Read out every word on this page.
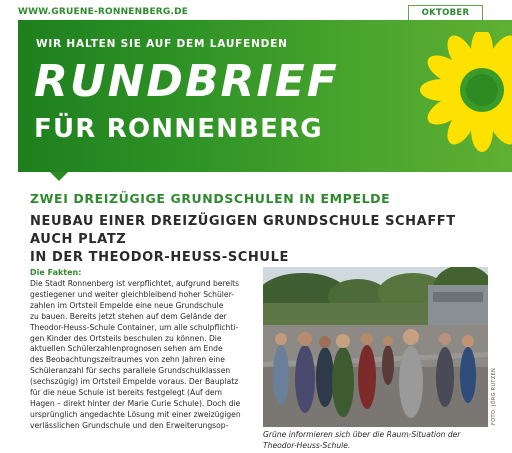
WWW.GRUENE-RONNENBERG.DE	OKTOBER
WIR HALTEN SIE AUF DEM LAUFENDEN
RUNDBRIEF
FÜR RONNENBERG
ZWEI DREIZÜGIGE GRUNDSCHULEN IN EMPELDE
NEUBAU EINER DREIZÜGIGEN GRUNDSCHULE SCHAFFT AUCH PLATZ
IN DER THEODOR-HEUSS-SCHULE
Die Fakten:

Die Stadt Ronnenberg ist verpflichtet, aufgrund bereits

gestiegener und weiter gleichbleibend hoher Schüler-

zahlen im Ortsteil Empelde eine neue Grundschule

zu bauen. Bereits jetzt stehen auf dem Gelände der

Theodor-Heuss-Schule Container, um alle schulpflichti-

gen Kinder des Ortsteils beschulen zu können. Die

aktuellen Schülerzahlenprognosen sehen am Ende

des Beobachtungszeitraumes von zehn Jahren eine

Schüleranzahl für sechs parallele Grundschulklassen

(sechszügig) im Ortsteil Empelde voraus. Der Bauplatz

für die neue Schule ist bereits festgelegt (Auf dem

Hagen – direkt hinter der Marie Curie Schule). Doch die

ursprünglich angedachte Lösung mit einer zweizügigen

verlässlichen Grundschule und den Erweiterungsop-

FOTO: JÖRG RUTZEN
Grüne informieren sich über die Raum-Situation der
Theodor-Heuss-Schule.
